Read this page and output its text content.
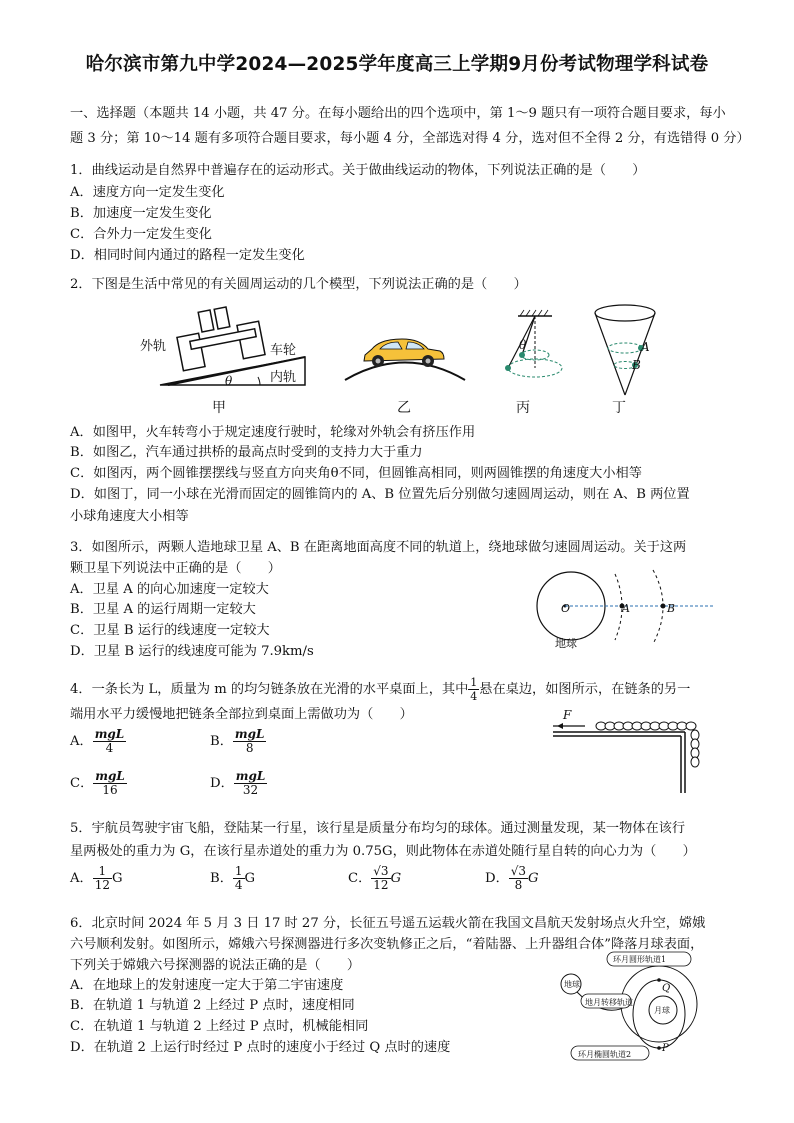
哈尔滨市第九中学2024—2025学年度高三上学期9月份考试物理学科试卷
一、选择题（本题共 14 小题，共 47 分。在每小题给出的四个选项中，第 1～9 题只有一项符合题目要求，每小
题 3 分；第 10～14 题有多项符合题目要求，每小题 4 分，全部选对得 4 分，选对但不全得 2 分，有选错得 0 分）
1．曲线运动是自然界中普遍存在的运动形式。关于做曲线运动的物体，下列说法正确的是（　　）
A．速度方向一定发生变化
B．加速度一定发生变化
C．合外力一定发生变化
D．相同时间内通过的路程一定发生变化
2．下图是生活中常见的有关圆周运动的几个模型，下列说法正确的是（　　）
外轨	车轮
内轨
θ
甲	乙
θ
丙
A
B
丁
A．如图甲，火车转弯小于规定速度行驶时，轮缘对外轨会有挤压作用
B．如图乙，汽车通过拱桥的最高点时受到的支持力大于重力
C．如图丙，两个圆锥摆摆线与竖直方向夹角θ不同，但圆锥高相同，则两圆锥摆的角速度大小相等
D．如图丁，同一小球在光滑而固定的圆锥筒内的 A、B 位置先后分别做匀速圆周运动，则在 A、B 两位置
小球角速度大小相等
3．如图所示，两颗人造地球卫星 A、B 在距离地面高度不同的轨道上，绕地球做匀速圆周运动。关于这两
颗卫星下列说法中正确的是（　　）
A．卫星 A 的向心加速度一定较大
B．卫星 A 的运行周期一定较大
C．卫星 B 运行的线速度一定较大
D．卫星 B 运行的线速度可能为 7.9km/s
O	A	B
地球
4．一条长为 L，质量为 m 的均匀链条放在光滑的水平桌面上，其中 $\frac{1}{4}$ 悬在桌边，如图所示，在链条的另一
端用水平力缓慢地把链条全部拉到桌面上需做功为（　　）
A． $\frac{\text{mgL}}{4}$	B． $\frac{\text{mgL}}{8}$
C． $\frac{\text{mgL}}{16}$	D． $\frac{\text{mgL}}{32}$
F
5．宇航员驾驶宇宙飞船，登陆某一行星，该行星是质量分布均匀的球体。通过测量发现，某一物体在该行
星两极处的重力为 G，在该行星赤道处的重力为 0.75G，则此物体在赤道处随行星自转的向心力为（　　）
A． $\frac{1}{12}$ G	B． $\frac{1}{4}$ G	C． $\frac{√3}{12}$ G	D． $\frac{√3}{8}$ G
6．北京时间 2024 年 5 月 3 日 17 时 27 分，长征五号遥五运载火箭在我国文昌航天发射场点火升空，嫦娥
六号顺利发射。如图所示，嫦娥六号探测器进行多次变轨修正之后，“着陆器、上升器组合体”降落月球表面，
下列关于嫦娥六号探测器的说法正确的是（　　）
A．在地球上的发射速度一定大于第二宇宙速度
B．在轨道 1 与轨道 2 上经过 P 点时，速度相同
C．在轨道 1 与轨道 2 上经过 P 点时，机械能相同
D．在轨道 2 上运行时经过 P 点时的速度小于经过 Q 点时的速度
环月圆形轨道1
地球
地月转移轨道
月球
环月椭圆轨道2
Q
P
